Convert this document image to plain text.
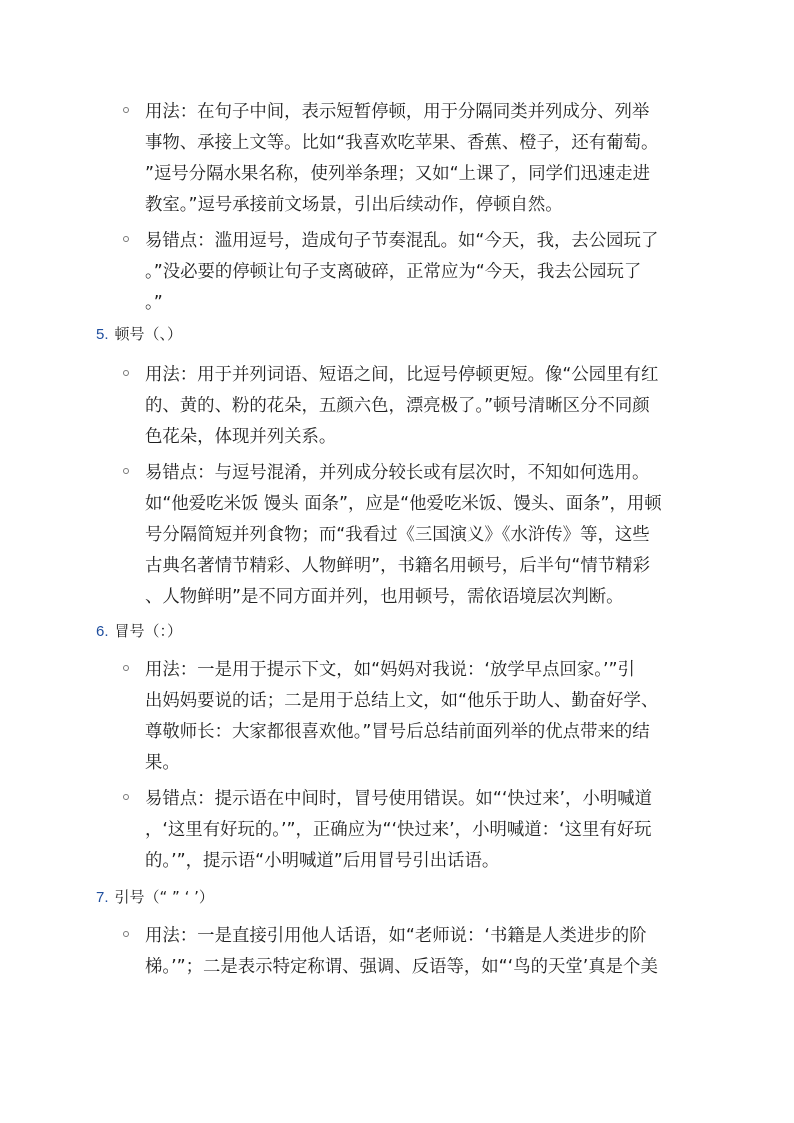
用法：在句子中间，表示短暂停顿，用于分隔同类并列成分、列举
事物、承接上文等。比如“我喜欢吃苹果、香蕉、橙子，还有葡萄。
”逗号分隔水果名称，使列举条理；又如“上课了，同学们迅速走进
教室。”逗号承接前文场景，引出后续动作，停顿自然。
易错点：滥用逗号，造成句子节奏混乱。如“今天，我，去公园玩了
。”没必要的停顿让句子支离破碎，正常应为“今天，我去公园玩了
。”
5. 顿号（、）
用法：用于并列词语、短语之间，比逗号停顿更短。像“公园里有红
的、黄的、粉的花朵，五颜六色，漂亮极了。”顿号清晰区分不同颜
色花朵，体现并列关系。
易错点：与逗号混淆，并列成分较长或有层次时，不知如何选用。
如“他爱吃米饭 馒头 面条”，应是“他爱吃米饭、馒头、面条”，用顿
号分隔简短并列食物；而“我看过《三国演义》《水浒传》等，这些
古典名著情节精彩、人物鲜明”，书籍名用顿号，后半句“情节精彩
、人物鲜明”是不同方面并列，也用顿号，需依语境层次判断。
6. 冒号（：）
用法：一是用于提示下文，如“妈妈对我说：‘放学早点回家。’”引
出妈妈要说的话；二是用于总结上文，如“他乐于助人、勤奋好学、
尊敬师长：大家都很喜欢他。”冒号后总结前面列举的优点带来的结
果。
易错点：提示语在中间时，冒号使用错误。如“‘快过来’，小明喊道
，‘这里有好玩的。’”，正确应为“‘快过来’，小明喊道：‘这里有好玩
的。’”，提示语“小明喊道”后用冒号引出话语。
7. 引号（“ ” ‘ ’）
用法：一是直接引用他人话语，如“老师说：‘书籍是人类进步的阶
梯。’”；二是表示特定称谓、强调、反语等，如“‘鸟的天堂’真是个美
